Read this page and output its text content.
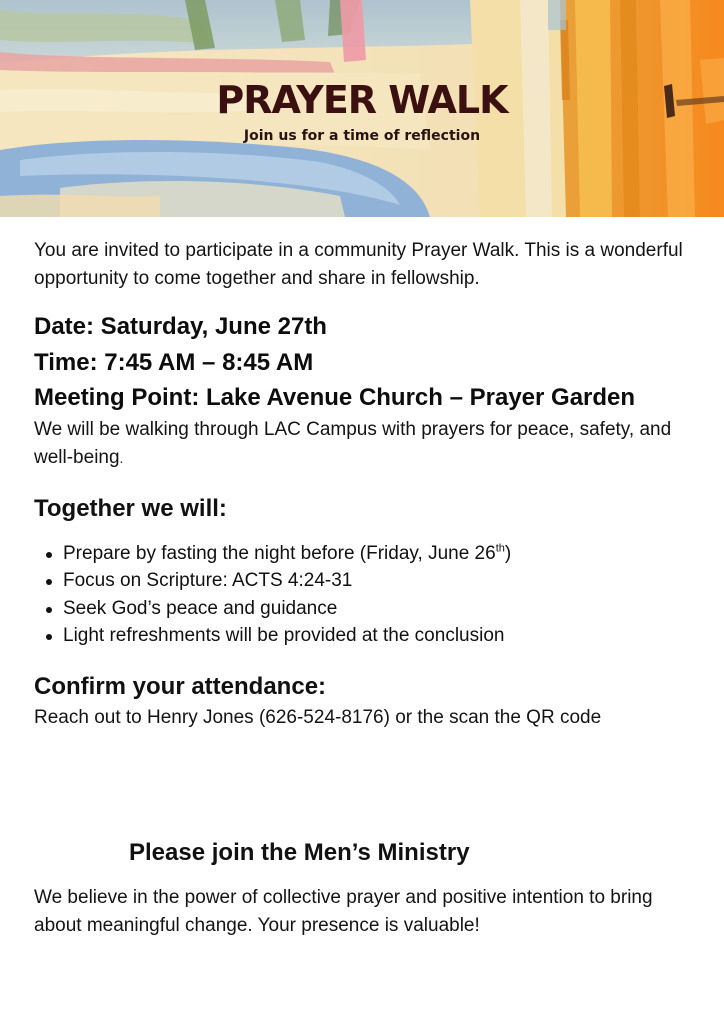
PRAYER WALK

Join us for a time of reflection

You are invited to participate in a community Prayer Walk. This is a wonderful opportunity to come together and share in fellowship.

Date: Saturday, June 27th
Time: 7:45 AM – 8:45 AM
Meeting Point: Lake Avenue Church – Prayer Garden

We will be walking through LAC Campus with prayers for peace, safety, and well-being.

Together we will:
Prepare by fasting the night before (Friday, June 26th)
Focus on Scripture: ACTS 4:24-31
Seek God’s peace and guidance
Light refreshments will be provided at the conclusion
Confirm your attendance:

Reach out to Henry Jones (626-524-8176) or the scan the QR code

Please join the Men’s Ministry

We believe in the power of collective prayer and positive intention to bring about meaningful change. Your presence is valuable!
